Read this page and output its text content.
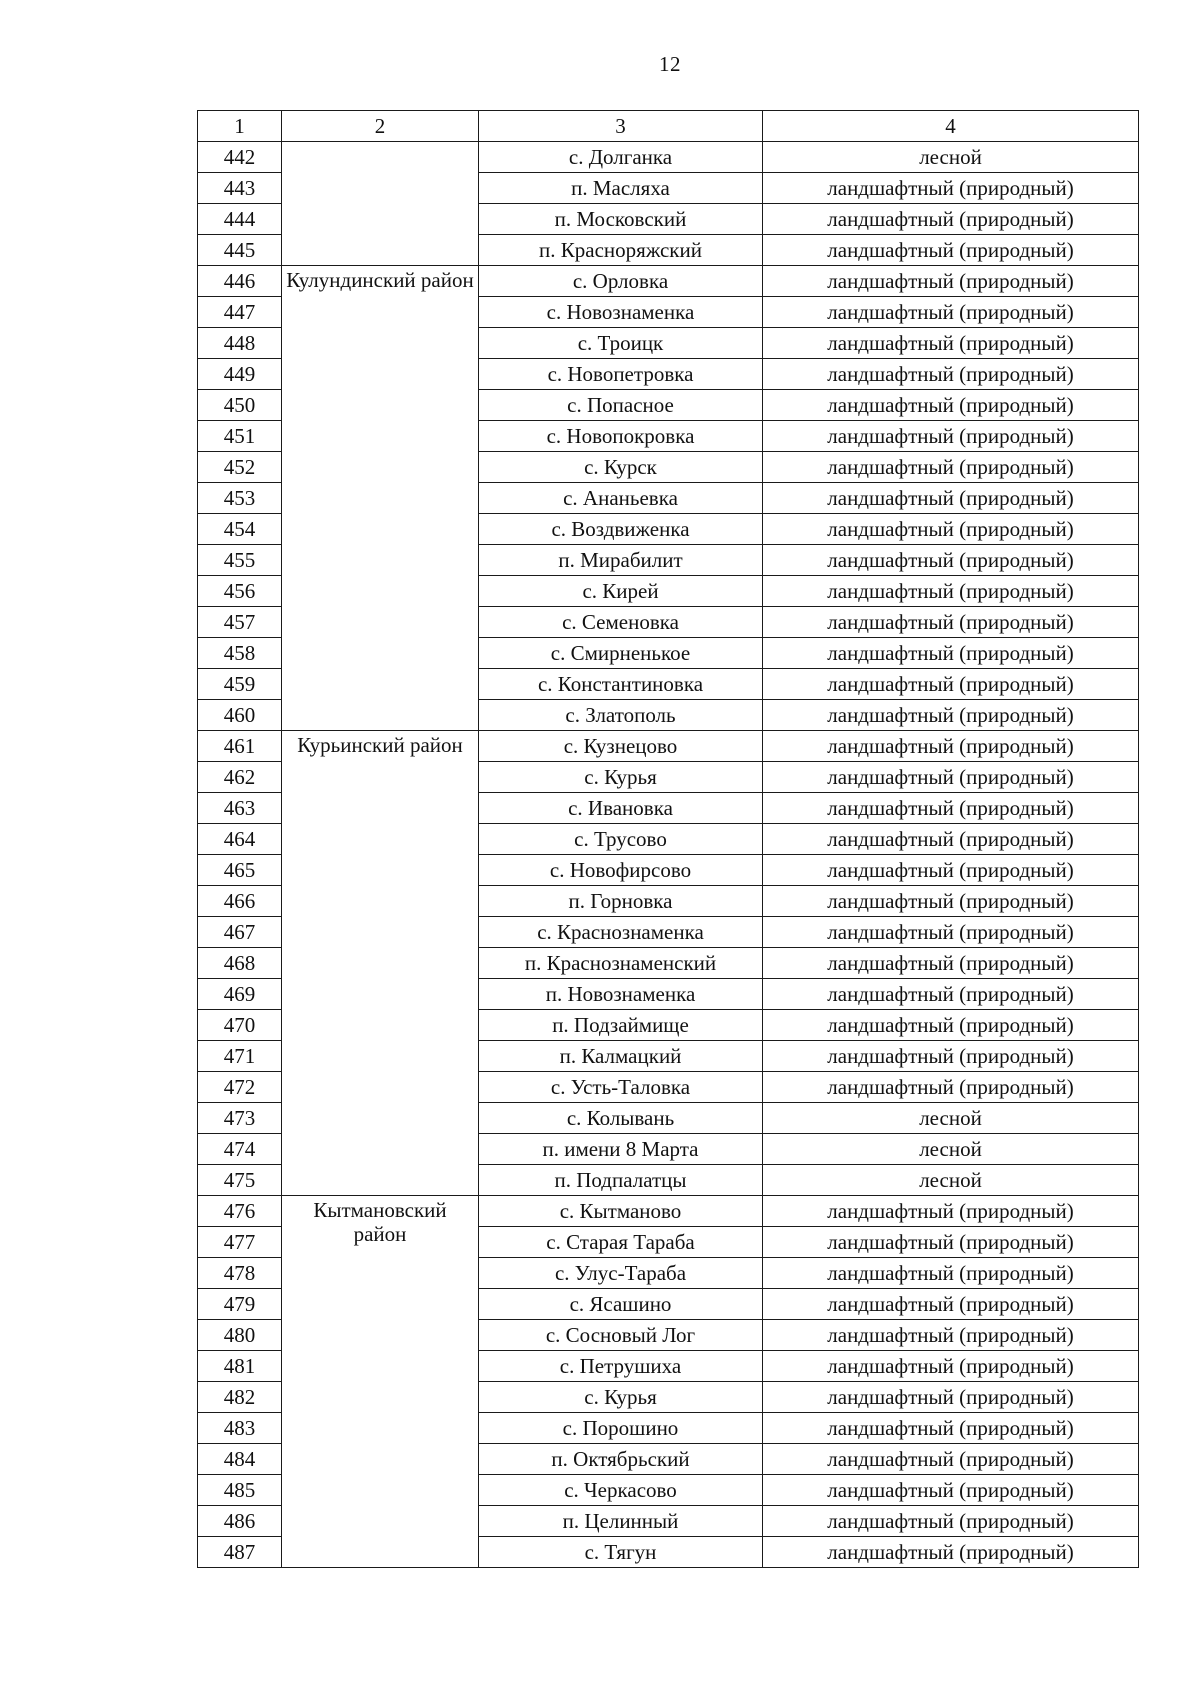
12
1	2	3	4
442		с. Долганка	лесной
443		п. Масляха	ландшафтный (природный)
444		п. Московский	ландшафтный (природный)
445		п. Красноряжский	ландшафтный (природный)
446	Кулундинский район	с. Орловка	ландшафтный (природный)
447		с. Новознаменка	ландшафтный (природный)
448		с. Троицк	ландшафтный (природный)
449		с. Новопетровка	ландшафтный (природный)
450		с. Попасное	ландшафтный (природный)
451		с. Новопокровка	ландшафтный (природный)
452		с. Курск	ландшафтный (природный)
453		с. Ананьевка	ландшафтный (природный)
454		с. Воздвиженка	ландшафтный (природный)
455		п. Мирабилит	ландшафтный (природный)
456		с. Кирей	ландшафтный (природный)
457		с. Семеновка	ландшафтный (природный)
458		с. Смирненькое	ландшафтный (природный)
459		с. Константиновка	ландшафтный (природный)
460		с. Златополь	ландшафтный (природный)
461	Курьинский район	с. Кузнецово	ландшафтный (природный)
462		с. Курья	ландшафтный (природный)
463		с. Ивановка	ландшафтный (природный)
464		с. Трусово	ландшафтный (природный)
465		с. Новофирсово	ландшафтный (природный)
466		п. Горновка	ландшафтный (природный)
467		с. Краснознаменка	ландшафтный (природный)
468		п. Краснознаменский	ландшафтный (природный)
469		п. Новознаменка	ландшафтный (природный)
470		п. Подзаймище	ландшафтный (природный)
471		п. Калмацкий	ландшафтный (природный)
472		с. Усть-Таловка	ландшафтный (природный)
473		с. Колывань	лесной
474		п. имени 8 Марта	лесной
475		п. Подпалатцы	лесной
476	Кытмановский район	с. Кытманово	ландшафтный (природный)
477		с. Старая Тараба	ландшафтный (природный)
478		с. Улус-Тараба	ландшафтный (природный)
479		с. Ясашино	ландшафтный (природный)
480		с. Сосновый Лог	ландшафтный (природный)
481		с. Петрушиха	ландшафтный (природный)
482		с. Курья	ландшафтный (природный)
483		с. Порошино	ландшафтный (природный)
484		п. Октябрьский	ландшафтный (природный)
485		с. Черкасово	ландшафтный (природный)
486		п. Целинный	ландшафтный (природный)
487		с. Тягун	ландшафтный (природный)
